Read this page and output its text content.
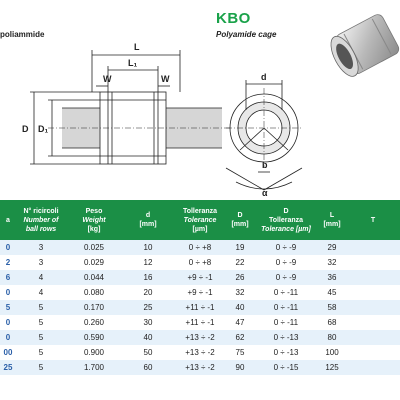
poliammide
KBO
Polyamide cage
L
L₁
W	W
D D₁
d
b
α
a	N° ricircoli
Number of
ball rows	Peso
Weight
[kg]	d
[mm]	Tolleranza
Tolerance
[µm]	D
[mm]	D
Tolleranza
Tolerance [µm]	L
[mm]	T
0	3	0.025	10	0 ÷ +8	19	0 ÷ -9	29	
2	3	0.029	12	0 ÷ +8	22	0 ÷ -9	32	
6	4	0.044	16	+9 ÷ -1	26	0 ÷ -9	36	
0	4	0.080	20	+9 ÷ -1	32	0 ÷ -11	45	
5	5	0.170	25	+11 ÷ -1	40	0 ÷ -11	58	
0	5	0.260	30	+11 ÷ -1	47	0 ÷ -11	68	
0	5	0.590	40	+13 ÷ -2	62	0 ÷ -13	80	
00	5	0.900	50	+13 ÷ -2	75	0 ÷ -13	100	
25	5	1.700	60	+13 ÷ -2	90	0 ÷ -15	125	
